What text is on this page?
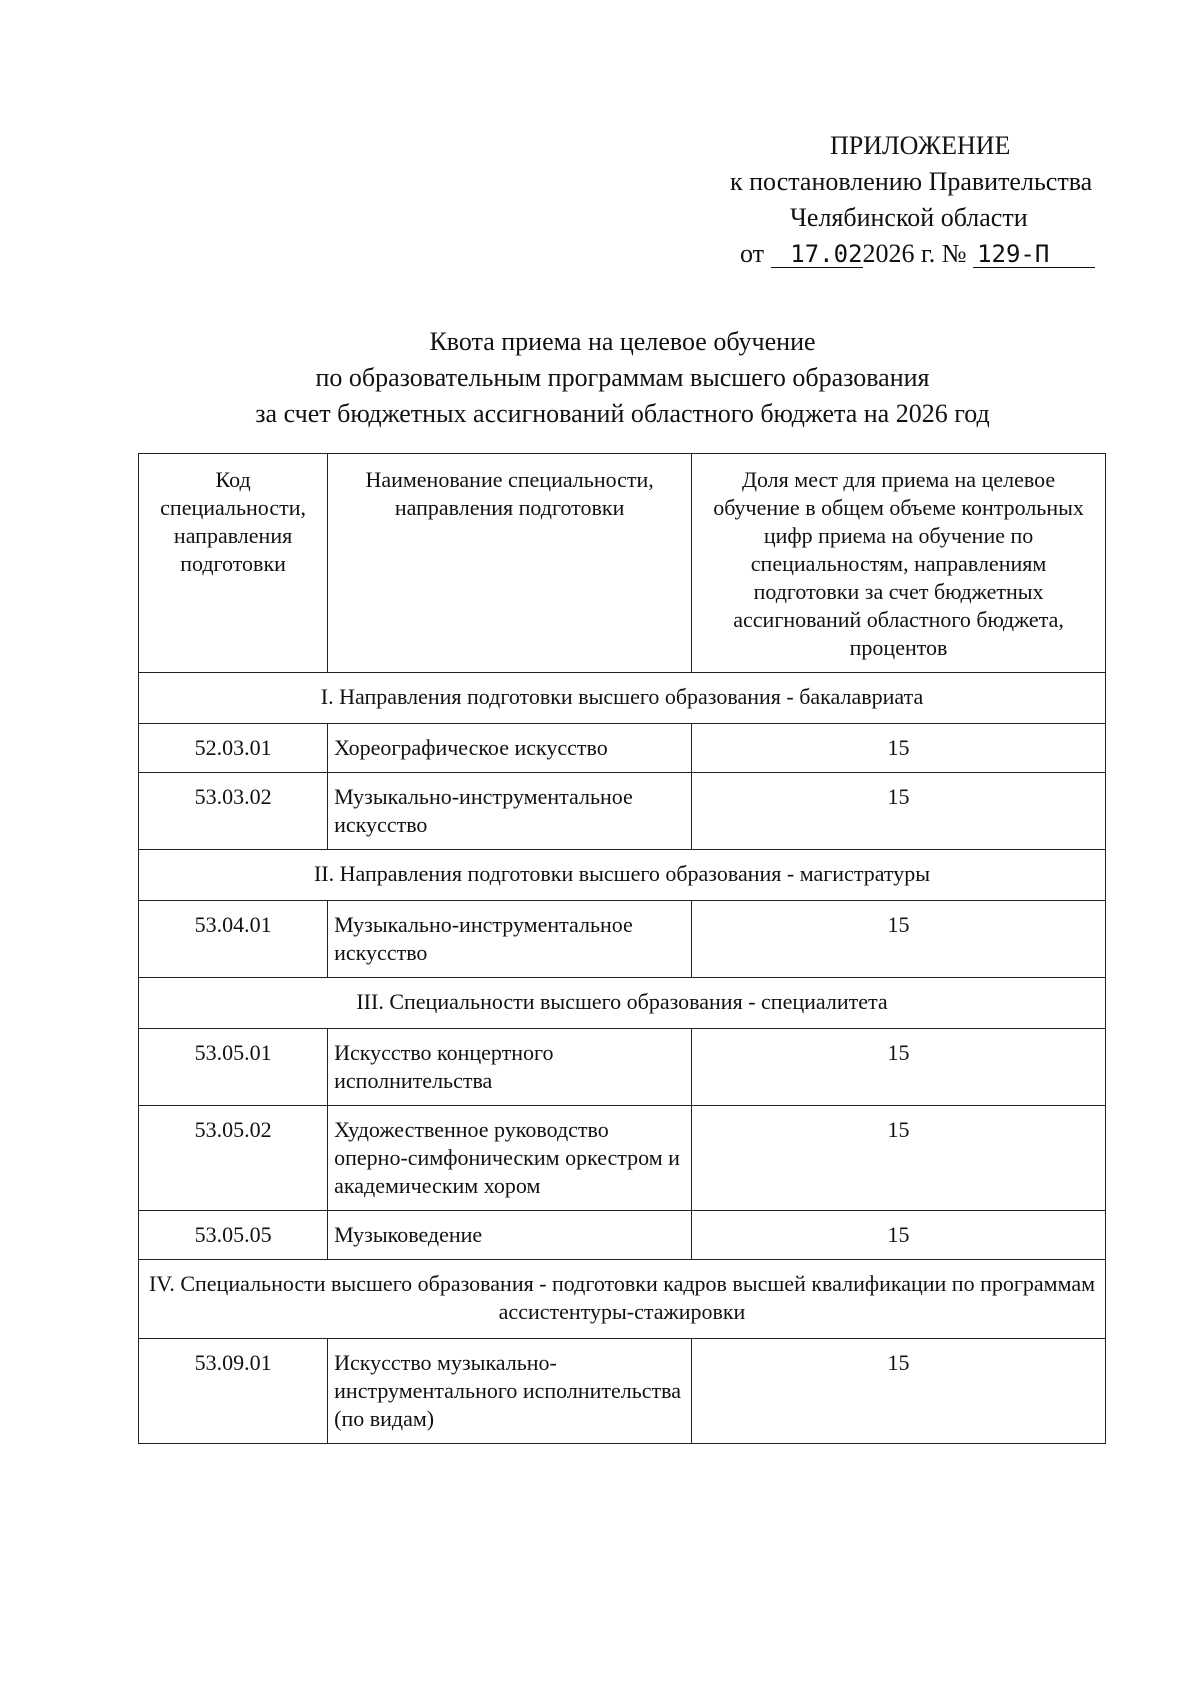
ПРИЛОЖЕНИЕ
к постановлению Правительства
Челябинской области
от 17.022026 г. № 129-П
Квота приема на целевое обучение
по образовательным программам высшего образования
за счет бюджетных ассигнований областного бюджета на 2026 год
Код специальности, направления подготовки	Наименование специальности, направления подготовки	Доля мест для приема на целевое обучение в общем объеме контрольных цифр приема на обучение по специальностям, направлениям подготовки за счет бюджетных ассигнований областного бюджета, процентов
I. Направления подготовки высшего образования - бакалавриата		
52.03.01	Хореографическое искусство	15
53.03.02	Музыкально-инструментальное искусство	15
II. Направления подготовки высшего образования - магистратуры		
53.04.01	Музыкально-инструментальное искусство	15
III. Специальности высшего образования - специалитета		
53.05.01	Искусство концертного исполнительства	15
53.05.02	Художественное руководство оперно-симфоническим оркестром и академическим хором	15
53.05.05	Музыковедение	15
IV. Специальности высшего образования - подготовки кадров высшей квалификации по программам ассистентуры-стажировки		
53.09.01	Искусство музыкально-инструментального исполнительства (по видам)	15
